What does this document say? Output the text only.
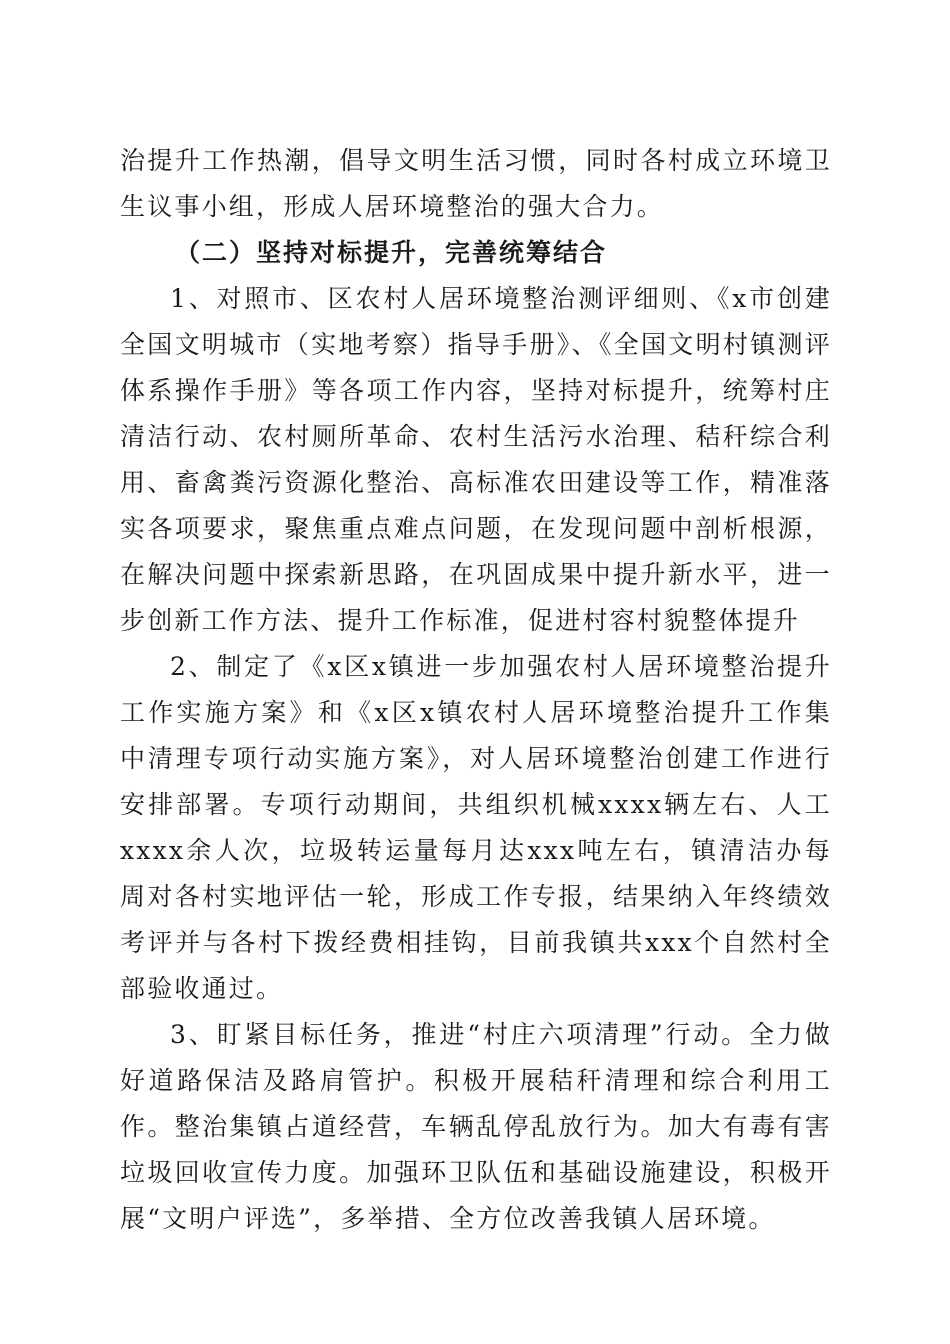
治提升工作热潮，倡导文明生活习惯，同时各村成立环境卫生议事小组，形成人居环境整治的强大合力。

（二）坚持对标提升，完善统筹结合

1、对照市、区农村人居环境整治测评细则、《x市创建全国文明城市（实地考察）指导手册》、《全国文明村镇测评体系操作手册》等各项工作内容，坚持对标提升，统筹村庄清洁行动、农村厕所革命、农村生活污水治理、秸秆综合利用、畜禽粪污资源化整治、高标准农田建设等工作，精准落实各项要求，聚焦重点难点问题，在发现问题中剖析根源，在解决问题中探索新思路，在巩固成果中提升新水平，进一步创新工作方法、提升工作标准，促进村容村貌整体提升

2、制定了《x区x镇进一步加强农村人居环境整治提升工作实施方案》和《x区x镇农村人居环境整治提升工作集中清理专项行动实施方案》，对人居环境整治创建工作进行安排部署。专项行动期间，共组织机械xxxx辆左右、人工xxxx余人次，垃圾转运量每月达xxx吨左右，镇清洁办每周对各村实地评估一轮，形成工作专报，结果纳入年终绩效考评并与各村下拨经费相挂钩，目前我镇共xxx个自然村全部验收通过。

3、盯紧目标任务，推进“村庄六项清理”行动。全力做好道路保洁及路肩管护。积极开展秸秆清理和综合利用工作。整治集镇占道经营，车辆乱停乱放行为。加大有毒有害垃圾回收宣传力度。加强环卫队伍和基础设施建设，积极开展“文明户评选”，多举措、全方位改善我镇人居环境。
